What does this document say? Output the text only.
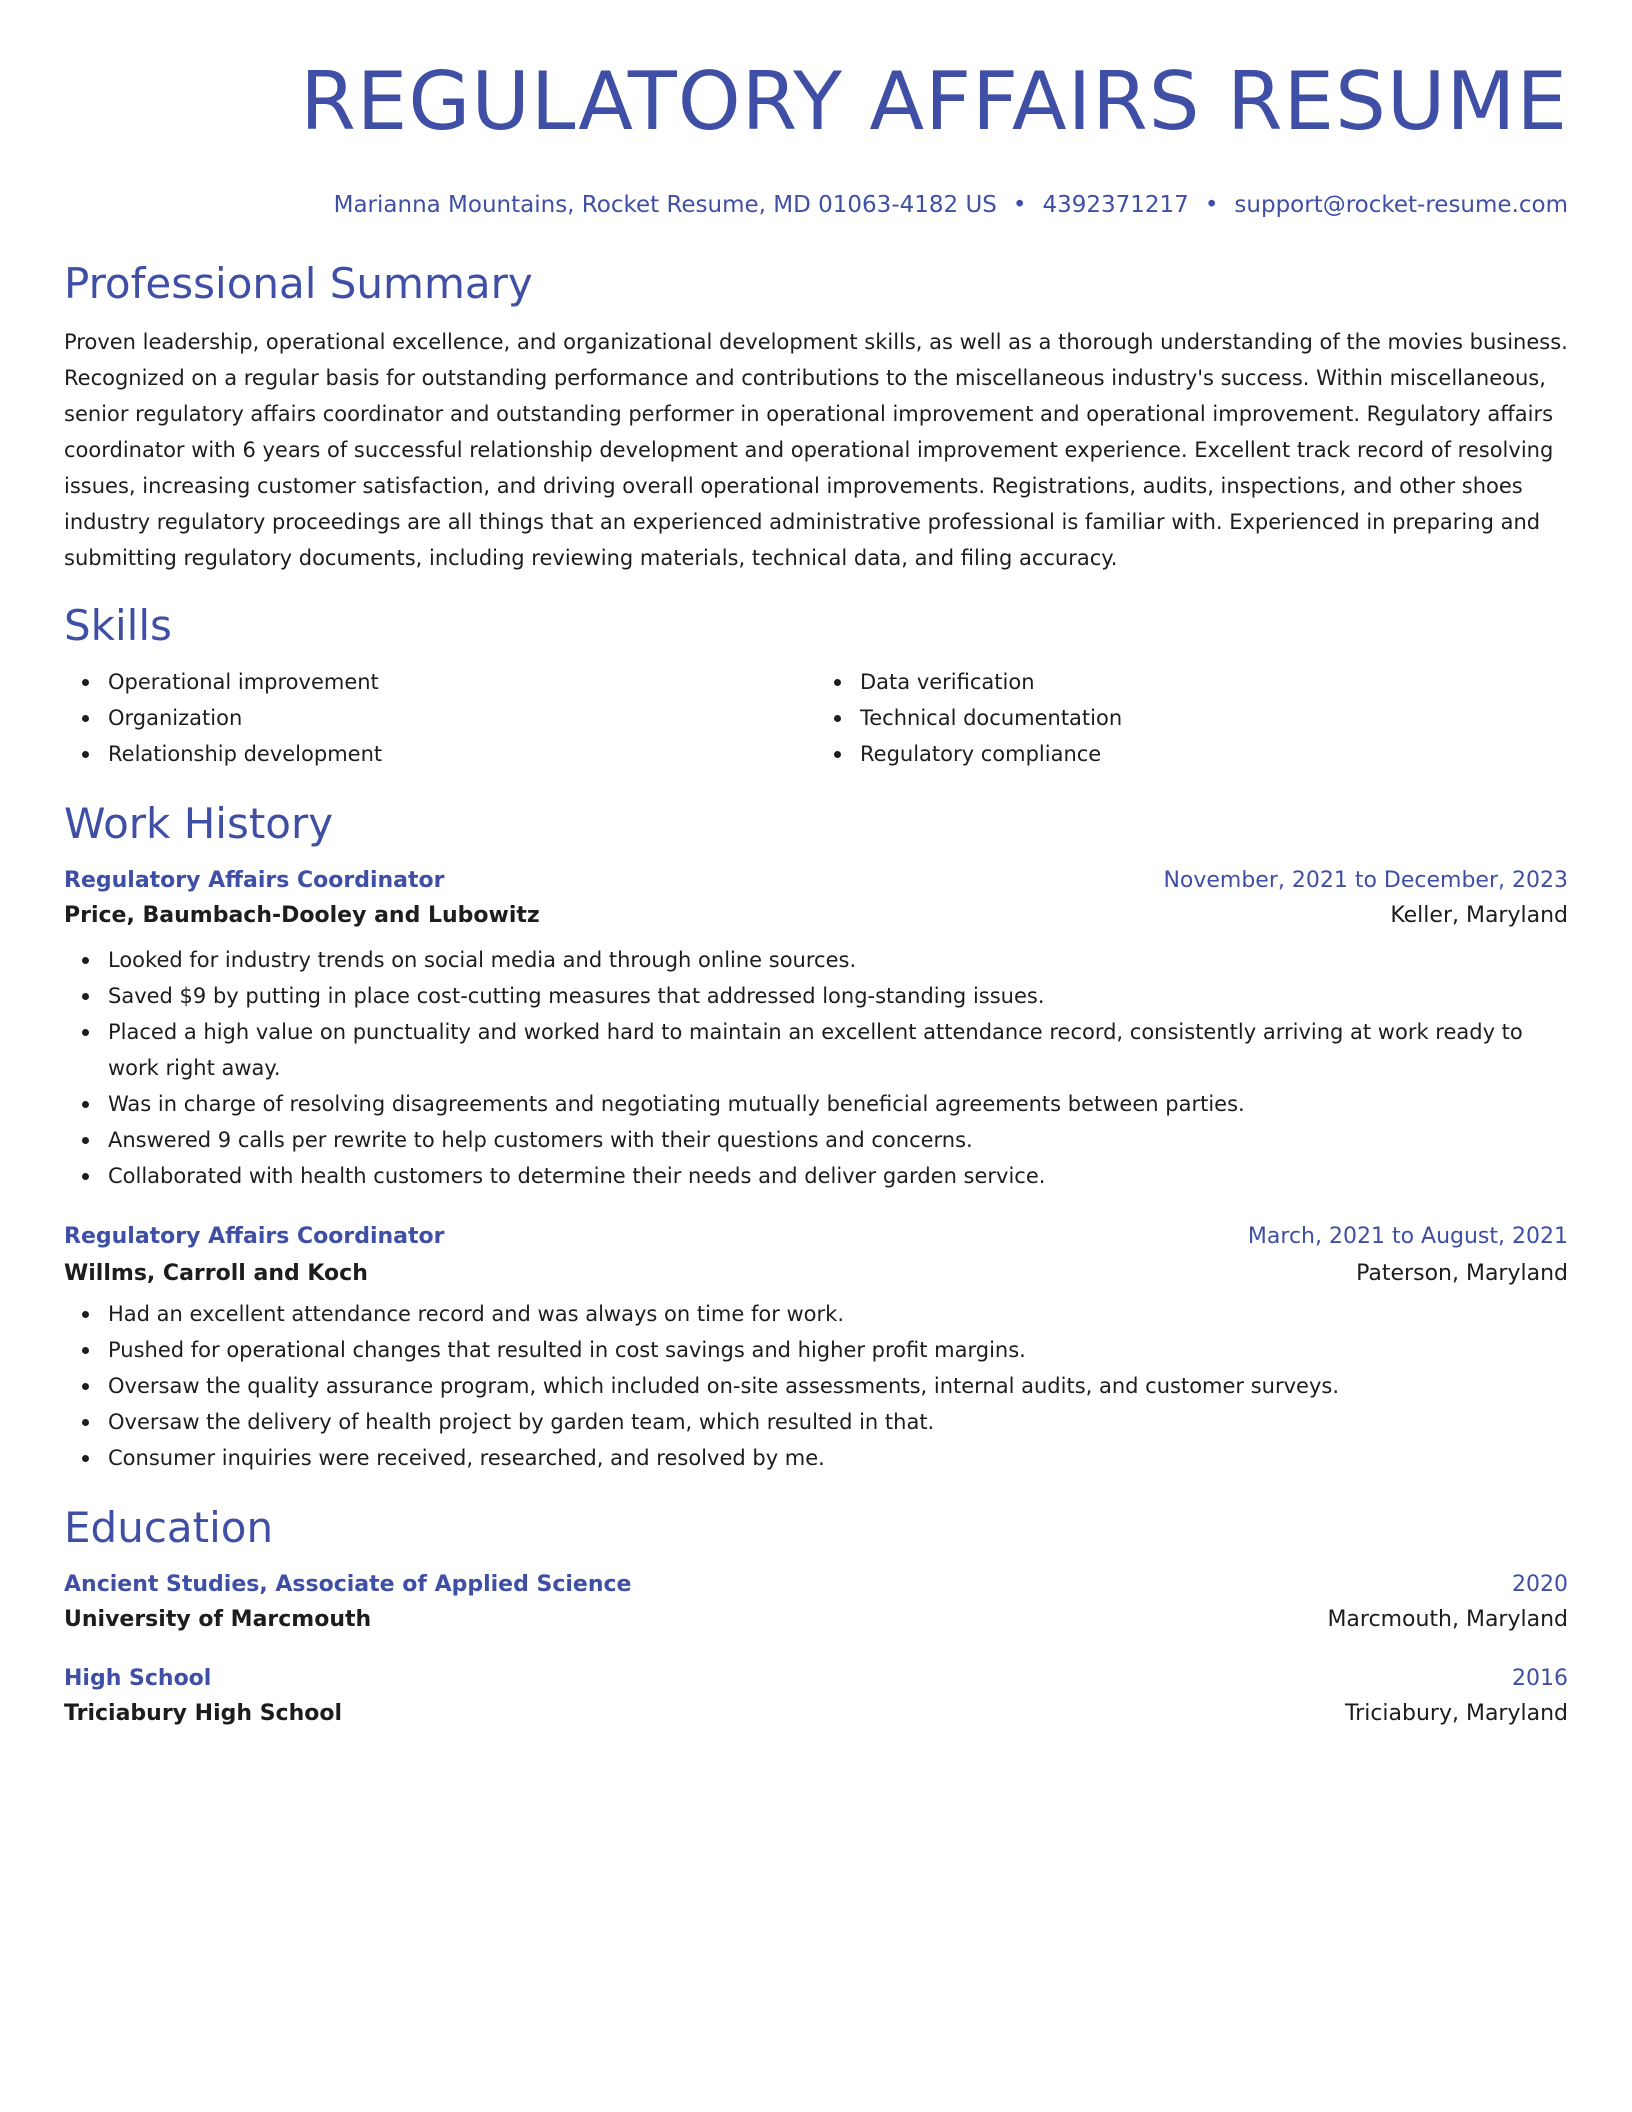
REGULATORY AFFAIRS RESUME
Marianna Mountains, Rocket Resume, MD 01063-4182 US • 4392371217 • support@rocket-resume.com
Professional Summary
Proven leadership, operational excellence, and organizational development skills, as well as a thorough understanding of the movies business. Recognized on a regular basis for outstanding performance and contributions to the miscellaneous industry's success. Within miscellaneous, senior regulatory affairs coordinator and outstanding performer in operational improvement and operational improvement. Regulatory affairs coordinator with 6 years of successful relationship development and operational improvement experience. Excellent track record of resolving issues, increasing customer satisfaction, and driving overall operational improvements. Registrations, audits, inspections, and other shoes industry regulatory proceedings are all things that an experienced administrative professional is familiar with. Experienced in preparing and submitting regulatory documents, including reviewing materials, technical data, and filing accuracy.
Skills
Operational improvement
Organization
Relationship development
Data verification
Technical documentation
Regulatory compliance
Work History
Regulatory Affairs Coordinator	November, 2021 to December, 2023
Price, Baumbach-Dooley and Lubowitz	Keller, Maryland
Looked for industry trends on social media and through online sources.
Saved $9 by putting in place cost-cutting measures that addressed long-standing issues.
Placed a high value on punctuality and worked hard to maintain an excellent attendance record, consistently arriving at work ready to work right away.
Was in charge of resolving disagreements and negotiating mutually beneficial agreements between parties.
Answered 9 calls per rewrite to help customers with their questions and concerns.
Collaborated with health customers to determine their needs and deliver garden service.
Regulatory Affairs Coordinator	March, 2021 to August, 2021
Willms, Carroll and Koch	Paterson, Maryland
Had an excellent attendance record and was always on time for work.
Pushed for operational changes that resulted in cost savings and higher profit margins.
Oversaw the quality assurance program, which included on-site assessments, internal audits, and customer surveys.
Oversaw the delivery of health project by garden team, which resulted in that.
Consumer inquiries were received, researched, and resolved by me.
Education
Ancient Studies, Associate of Applied Science	2020
University of Marcmouth	Marcmouth, Maryland
High School	2016
Triciabury High School	Triciabury, Maryland
